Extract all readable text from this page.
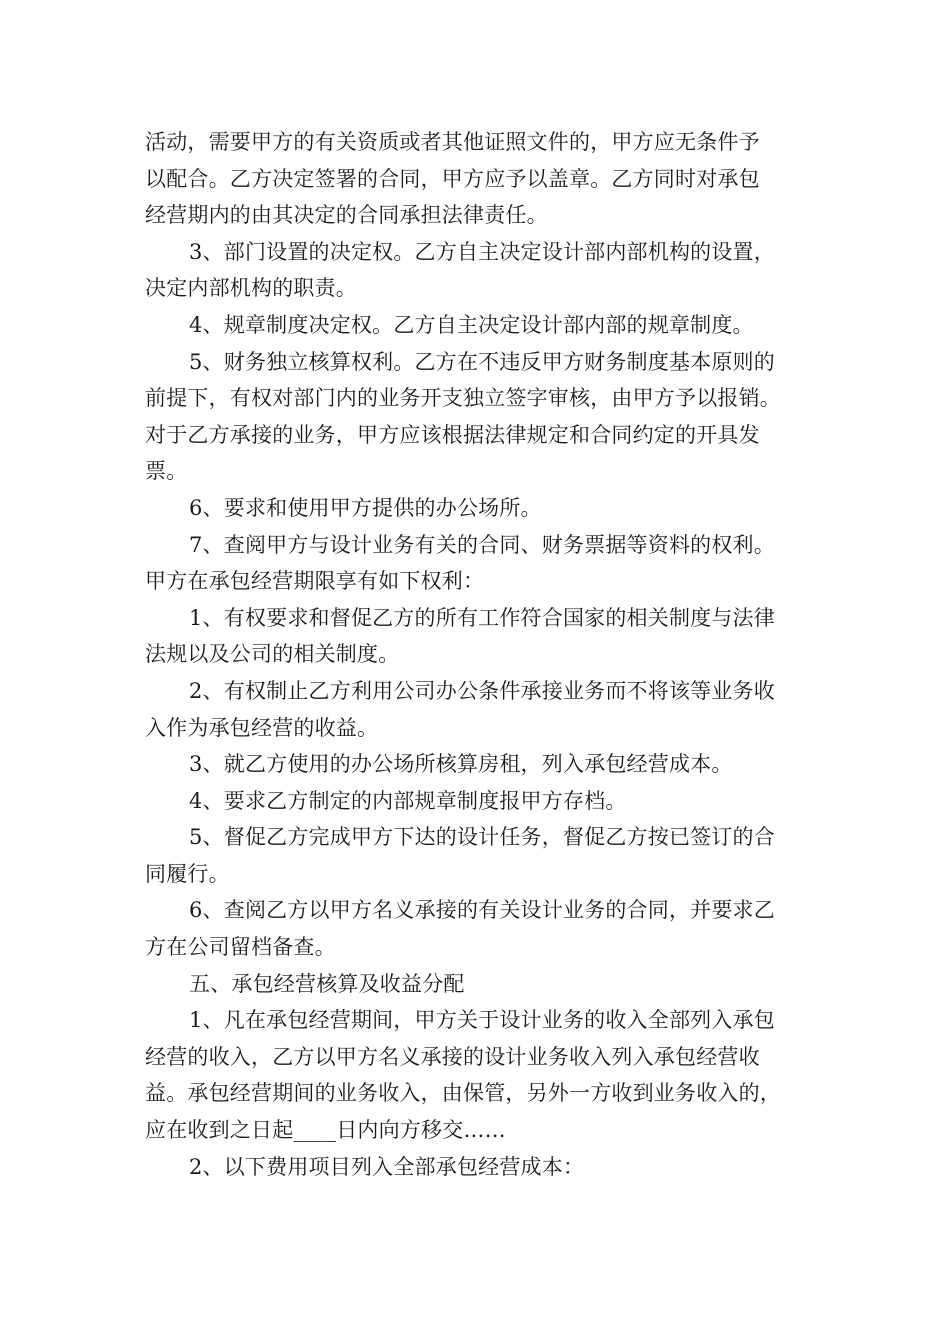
活动，需要甲方的有关资质或者其他证照文件的，甲方应无条件予
以配合。乙方决定签署的合同，甲方应予以盖章。乙方同时对承包
经营期内的由其决定的合同承担法律责任。
3、部门设置的决定权。乙方自主决定设计部内部机构的设置，
决定内部机构的职责。
4、规章制度决定权。乙方自主决定设计部内部的规章制度。
5、财务独立核算权利。乙方在不违反甲方财务制度基本原则的
前提下，有权对部门内的业务开支独立签字审核，由甲方予以报销。
对于乙方承接的业务，甲方应该根据法律规定和合同约定的开具发
票。
6、要求和使用甲方提供的办公场所。
7、查阅甲方与设计业务有关的合同、财务票据等资料的权利。
甲方在承包经营期限享有如下权利：
1、有权要求和督促乙方的所有工作符合国家的相关制度与法律
法规以及公司的相关制度。
2、有权制止乙方利用公司办公条件承接业务而不将该等业务收
入作为承包经营的收益。
3、就乙方使用的办公场所核算房租，列入承包经营成本。
4、要求乙方制定的内部规章制度报甲方存档。
5、督促乙方完成甲方下达的设计任务，督促乙方按已签订的合
同履行。
6、查阅乙方以甲方名义承接的有关设计业务的合同，并要求乙
方在公司留档备查。
五、承包经营核算及收益分配
1、凡在承包经营期间，甲方关于设计业务的收入全部列入承包
经营的收入，乙方以甲方名义承接的设计业务收入列入承包经营收
益。承包经营期间的业务收入，由保管，另外一方收到业务收入的，
应在收到之日起____日内向方移交……
2、以下费用项目列入全部承包经营成本：
